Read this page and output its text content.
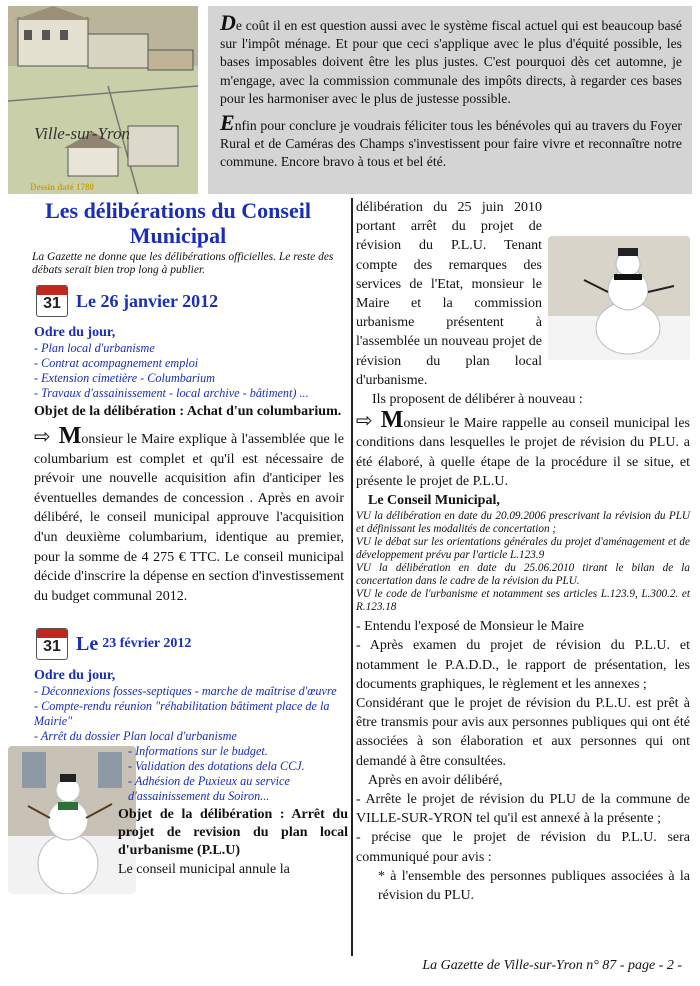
Ville-sur-Yron
Dessin daté 1780

De coût il en est question aussi avec le système fiscal actuel qui est beaucoup basé sur l'impôt ménage. Et pour que ceci s'applique avec le plus d'équité possible, les bases imposables doivent être les plus justes. C'est pourquoi dès cet automne, je m'engage, avec la commission communale des impôts directs, à regarder ces bases pour les harmoniser avec le plus de justesse possible.

Enfin pour conclure je voudrais féliciter tous les bénévoles qui au travers du Foyer Rural et de Caméras des Champs s'investissent pour faire vivre et reconnaître notre commune. Encore bravo à tous et bel été.

Les délibérations du Conseil Municipal
La Gazette ne donne que les délibérations officielles. Le reste des débats serait bien trop long à publier.
31 Le 26 janvier 2012
Odre du jour,
- Plan local d'urbanisme
- Contrat acompagnement emploi
- Extension cimetière - Columbarium
- Travaux d'assainissement - local archive - bâtiment) ...
Objet de la délibération : Achat d'un columbarium.
⇨ Monsieur le Maire explique à l'assemblée que le columbarium est complet et qu'il est nécessaire de prévoir une nouvelle acquisition afin d'anticiper les éventuelles demandes de concession . Après en avoir délibéré, le conseil municipal approuve l'acquisition d'un deuxième columbarium, identique au premier, pour la somme de 4 275 € TTC. Le conseil municipal décide d'inscrire la dépense en section d'investissement du budget communal 2012.
31 Le
23 février 2012
Odre du jour,
- Déconnexions fosses-septiques - marche de maîtrise d'œuvre
- Compte-rendu réunion "réhabilitation bâtiment place de la Mairie"
- Arrêt du dossier Plan local d'urbanisme
- Informations sur le budget.
- Validation des dotations dela CCJ.
- Adhésion de Puxieux au service d'assainissement du Soiron...
Objet de la délibération : Arrêt du projet de revision du plan local d'urbanisme (P.L.U)
Le conseil municipal annule la

délibération du 25 juin 2010 portant arrêt du projet de révision du P.L.U. Tenant compte des remarques des services de l'Etat, monsieur le Maire et la commission urbanisme présentent à l'assemblée un nouveau projet de révision du plan local d'urbanisme.

Ils proposent de délibérer à nouveau :

⇨ Monsieur le Maire rappelle au conseil municipal les conditions dans lesquelles le projet de révision du PLU. a été élaboré, à quelle étape de la procédure il se situe, et présente le projet de P.L.U.

Le Conseil Municipal,

VU la délibération en date du 20.09.2006 prescrivant la révision du PLU et définissant les modalités de concertation ;

VU le débat sur les orientations générales du projet d'aménagement et de développement prévu par l'article L.123.9

VU la délibération en date du 25.06.2010 tirant le bilan de la concertation dans le cadre de la révision du PLU.

VU le code de l'urbanisme et notamment ses articles L.123.9, L.300.2. et R.123.18

- Entendu l'exposé de Monsieur le Maire

- Après examen du projet de révision du P.L.U. et notamment le P.A.D.D., le rapport de présentation, les documents graphiques, le règlement et les annexes ;

Considérant que le projet de révision du P.L.U. est prêt à être transmis pour avis aux personnes publiques qui ont été associées à son élaboration et aux personnes qui ont demandé à être consultées.

Après en avoir délibéré,

- Arrête le projet de révision du PLU de la commune de VILLE-SUR-YRON tel qu'il est annexé à la présente ;

- précise que le projet de révision du P.L.U. sera communiqué pour avis :

* à l'ensemble des personnes publiques associées à la révision du PLU.

La Gazette de Ville-sur-Yron n° 87 - page - 2 -
